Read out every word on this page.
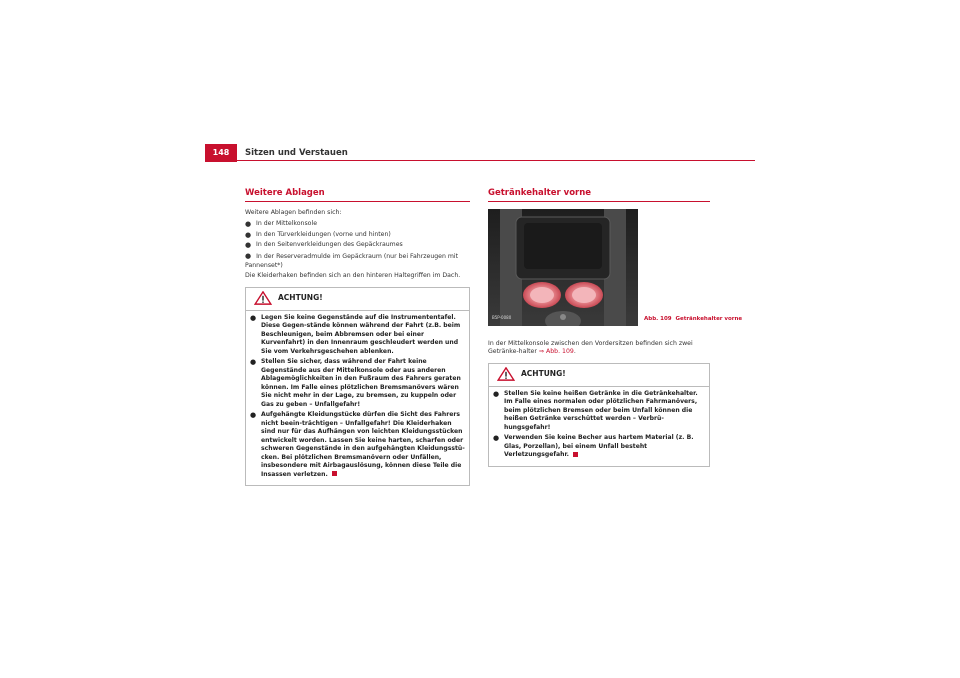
148	Sitzen und Verstauen
Weitere Ablagen

Weitere Ablagen befinden sich:

● In der Mittelkonsole
● In den Türverkleidungen (vorne und hinten)
● In den Seitenverkleidungen des Gepäckraumes
● In der Reserveradmulde im Gepäckraum (nur bei Fahrzeugen mit Pannenset*)

Die Kleiderhaken befinden sich an den hinteren Haltegriffen im Dach.

ACHTUNG!
● Legen Sie keine Gegenstände auf die Instrumententafel. Diese Gegen-stände können während der Fahrt (z.B. beim Beschleunigen, beim Abbremsen oder bei einer Kurvenfahrt) in den Innenraum geschleudert werden und Sie vom Verkehrsgeschehen ablenken.
● Stellen Sie sicher, dass während der Fahrt keine Gegenstände aus der Mittelkonsole oder aus anderen Ablagemöglichkeiten in den Fußraum des Fahrers geraten können. Im Falle eines plötzlichen Bremsmanövers wären Sie nicht mehr in der Lage, zu bremsen, zu kuppeln oder Gas zu geben – Unfallgefahr!
● Aufgehängte Kleidungstücke dürfen die Sicht des Fahrers nicht beein-trächtigen – Unfallgefahr! Die Kleiderhaken sind nur für das Aufhängen von leichten Kleidungsstücken entwickelt worden. Lassen Sie keine harten, scharfen oder schweren Gegenstände in den aufgehängten Kleidungsstü-cken. Bei plötzlichen Bremsmanövern oder Unfällen, insbesondere mit Airbagauslösung, können diese Teile die Insassen verletzen.
Getränkehalter vorne
B5P-0080

In der Mittelkonsole zwischen den Vordersitzen befinden sich zwei Getränke-halter ⇒ Abb. 109.

ACHTUNG!
● Stellen Sie keine heißen Getränke in die Getränkehalter. Im Falle eines normalen oder plötzlichen Fahrmanövers, beim plötzlichen Bremsen oder beim Unfall können die heißen Getränke verschüttet werden – Verbrü-hungsgefahr!
● Verwenden Sie keine Becher aus hartem Material (z. B. Glas, Porzellan), bei einem Unfall besteht Verletzungsgefahr.
Abb. 109 Getränkehalter vorne
